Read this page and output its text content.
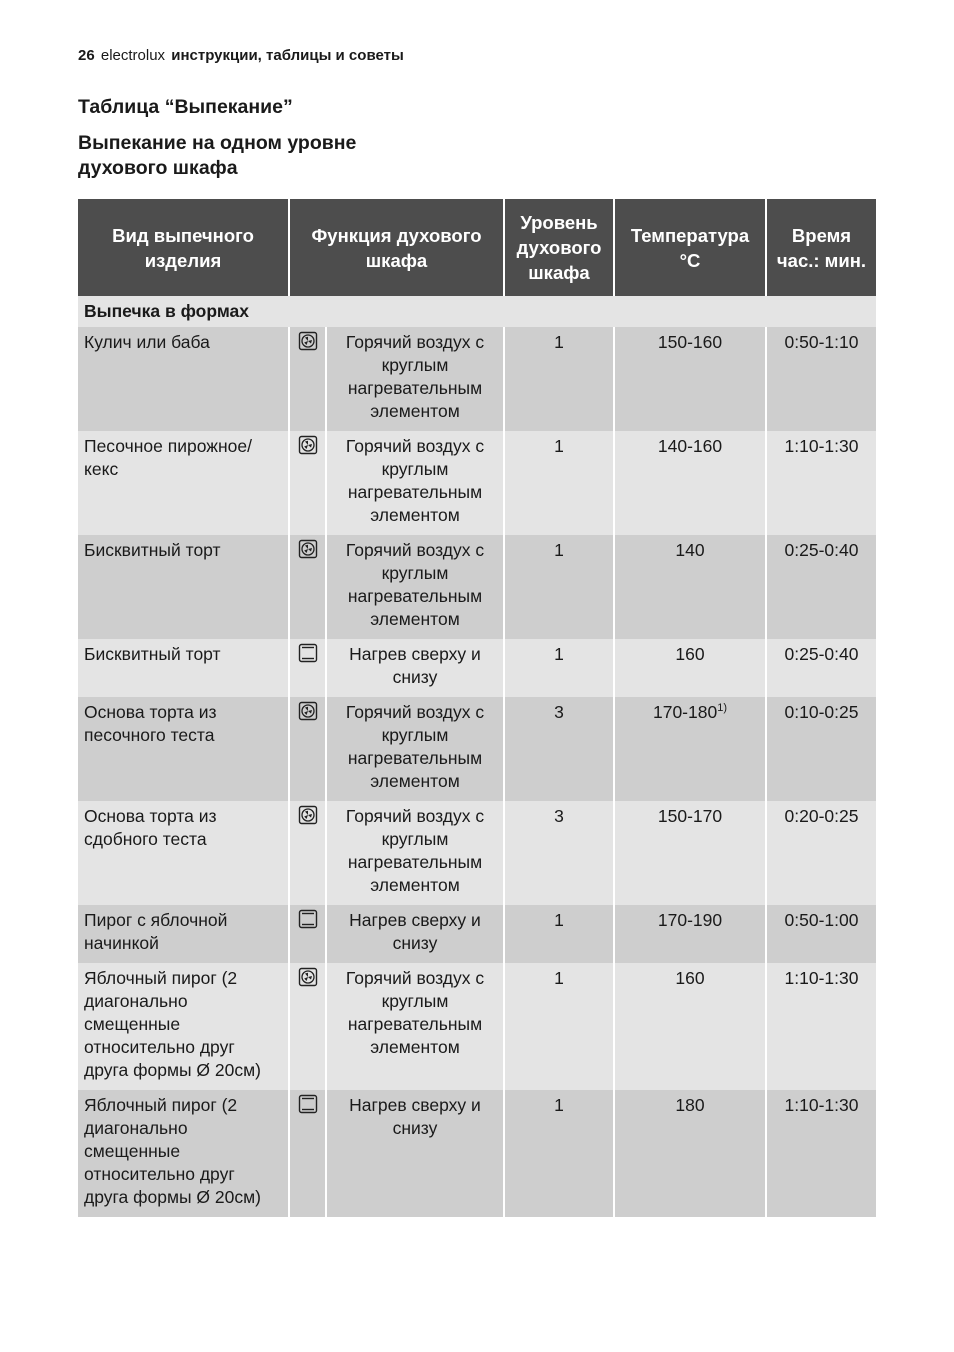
26 electrolux инструкции, таблицы и советы
Таблица “Выпекание”
Выпекание на одном уровне духового шкафа
Вид выпечного изделия	Функция духового шкафа		Уровень духового шкафа	Температура °C	Время час.: мин.
Выпечка в формах					
Кулич или баба		Горячий воздух с круглым нагревательным элементом	1	150-160	0:50-1:10
Песочное пирожное/ кекс		Горячий воздух с круглым нагревательным элементом	1	140-160	1:10-1:30
Бисквитный торт		Горячий воздух с круглым нагревательным элементом	1	140	0:25-0:40
Бисквитный торт		Нагрев сверху и снизу	1	160	0:25-0:40
Основа торта из песочного теста		Горячий воздух с круглым нагревательным элементом	3	170-180$^{1)}$	0:10-0:25
Основа торта из сдобного теста		Горячий воздух с круглым нагревательным элементом	3	150-170	0:20-0:25
Пирог с яблочной начинкой		Нагрев сверху и снизу	1	170-190	0:50-1:00
Яблочный пирог (2 диагонально смещенные относительно друг друга формы Ø 20см)		Горячий воздух с круглым нагревательным элементом	1	160	1:10-1:30
Яблочный пирог (2 диагонально смещенные относительно друг друга формы Ø 20см)		Нагрев сверху и снизу	1	180	1:10-1:30
